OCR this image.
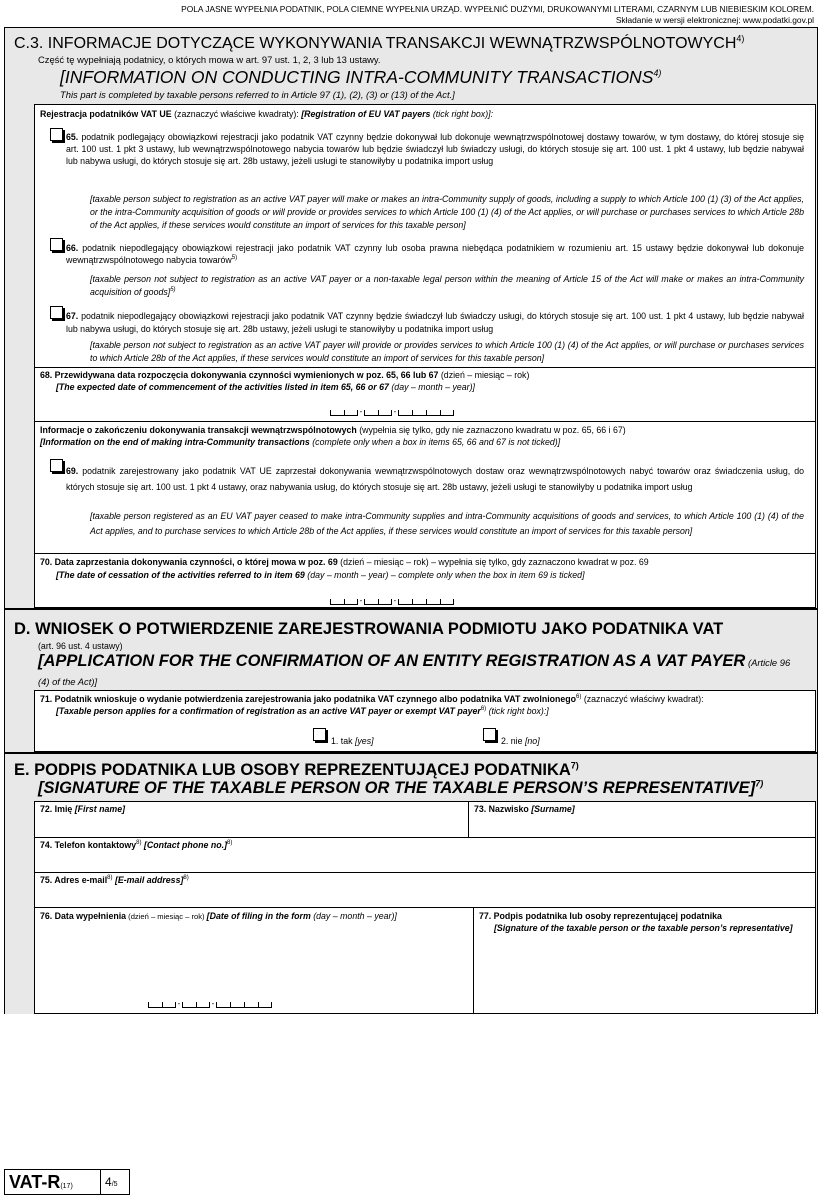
POLA JASNE WYPEŁNIA PODATNIK, POLA CIEMNE WYPEŁNIA URZĄD. WYPEŁNIĆ DUŻYMI, DRUKOWANYMI LITERAMI, CZARNYM LUB NIEBIESKIM KOLOREM.
Składanie w wersji elektronicznej: www.podatki.gov.pl
C.3. INFORMACJE DOTYCZĄCE WYKONYWANIA TRANSAKCJI WEWNĄTRZWSPÓLNOTOWYCH$^{4)}$
Część tę wypełniają podatnicy, o których mowa w art. 97 ust. 1, 2, 3 lub 13 ustawy.
[INFORMATION ON CONDUCTING INTRA-COMMUNITY TRANSACTIONS$^{4)}$
This part is completed by taxable persons referred to in Article 97 (1), (2), (3) or (13) of the Act.]
Rejestracja podatników VAT UE (zaznaczyć właściwe kwadraty): [Registration of EU VAT payers (tick right box)]:
65. podatnik podlegający obowiązkowi rejestracji jako podatnik VAT czynny będzie dokonywał lub dokonuje wewnątrzwspólnotowej dostawy towarów, w tym dostawy, do której stosuje się art. 100 ust. 1 pkt 3 ustawy, lub wewnątrzwspólnotowego nabycia towarów lub będzie świadczył lub świadczy usługi, do których stosuje się art. 100 ust. 1 pkt 4 ustawy, lub będzie nabywał lub nabywa usługi, do których stosuje się art. 28b ustawy, jeżeli usługi te stanowiłyby u podatnika import usług
[taxable person subject to registration as an active VAT payer will make or makes an intra-Community supply of goods, including a supply to which Article 100 (1) (3) of the Act applies, or the intra-Community acquisition of goods or will provide or provides services to which Article 100 (1) (4) of the Act applies, or will purchase or purchases services to which Article 28b of the Act applies, if these services would constitute an import of services for this taxable person]
66. podatnik niepodlegający obowiązkowi rejestracji jako podatnik VAT czynny lub osoba prawna niebędąca podatnikiem w rozumieniu art. 15 ustawy będzie dokonywał lub dokonuje wewnątrzwspólnotowego nabycia towarów$^{5)}$
[taxable person not subject to registration as an active VAT payer or a non-taxable legal person within the meaning of Article 15 of the Act will make or makes an intra-Community acquisition of goods]$^{5)}$
67. podatnik niepodlegający obowiązkowi rejestracji jako podatnik VAT czynny będzie świadczył lub świadczy usługi, do których stosuje się art. 100 ust. 1 pkt 4 ustawy, lub będzie nabywał lub nabywa usługi, do których stosuje się art. 28b ustawy, jeżeli usługi te stanowiłyby u podatnika import usług
[taxable person not subject to registration as an active VAT payer will provide or provides services to which Article 100 (1) (4) of the Act applies, or will purchase or purchases services to which Article 28b of the Act applies, if these services would constitute an import of services for this taxable person]
68. Przewidywana data rozpoczęcia dokonywania czynności wymienionych w poz. 65, 66 lub 67 (dzień – miesiąc – rok)
[The expected date of commencement of the activities listed in item 65, 66 or 67 (day – month – year)]
-	-
Informacje o zakończeniu dokonywania transakcji wewnątrzwspólnotowych (wypełnia się tylko, gdy nie zaznaczono kwadratu w poz. 65, 66 i 67)
[Information on the end of making intra-Community transactions (complete only when a box in items 65, 66 and 67 is not ticked)]
69. podatnik zarejestrowany jako podatnik VAT UE zaprzestał dokonywania wewnątrzwspólnotowych dostaw oraz wewnątrzwspólnotowych nabyć towarów oraz świadczenia usług, do których stosuje się art. 100 ust. 1 pkt 4 ustawy, oraz nabywania usług, do których stosuje się art. 28b ustawy, jeżeli usługi te stanowiłyby u podatnika import usług
[taxable person registered as an EU VAT payer ceased to make intra-Community supplies and intra-Community acquisitions of goods and services, to which Article 100 (1) (4) of the Act applies, and to purchase services to which Article 28b of the Act applies, if these services would constitute an import of services for this taxable person]
70. Data zaprzestania dokonywania czynności, o której mowa w poz. 69 (dzień – miesiąc – rok) – wypełnia się tylko, gdy zaznaczono kwadrat w poz. 69
[The date of cessation of the activities referred to in item 69 (day – month – year) – complete only when the box in item 69 is ticked]
-	-
D. WNIOSEK O POTWIERDZENIE ZAREJESTROWANIA PODMIOTU JAKO PODATNIKA VAT
(art. 96 ust. 4 ustawy)
[APPLICATION FOR THE CONFIRMATION OF AN ENTITY REGISTRATION AS A VAT PAYER (Article 96 (4) of the Act)]
71. Podatnik wnioskuje o wydanie potwierdzenia zarejestrowania jako podatnika VAT czynnego albo podatnika VAT zwolnionego$^{6)}$ (zaznaczyć właściwy kwadrat):
[Taxable person applies for a confirmation of registration as an active VAT payer or exempt VAT payer$^{6)}$ (tick right box):]
1. tak [yes]	2. nie [no]
E. PODPIS PODATNIKA LUB OSOBY REPREZENTUJĄCEJ PODATNIKA$^{7)}$
[SIGNATURE OF THE TAXABLE PERSON OR THE TAXABLE PERSON’S REPRESENTATIVE]$^{7)}$
72. Imię [First name]	73. Nazwisko [Surname]
74. Telefon kontaktowy$^{8)}$ [Contact phone no.]$^{8)}$
75. Adres e-mail$^{8)}$ [E-mail address]$^{8)}$
76. Data wypełnienia (dzień – miesiąc – rok) [Date of filing in the form (day – month – year)]
-	-
77. Podpis podatnika lub osoby reprezentującej podatnika
[Signature of the taxable person or the taxable person’s representative]
VAT-R(17)	4/5
